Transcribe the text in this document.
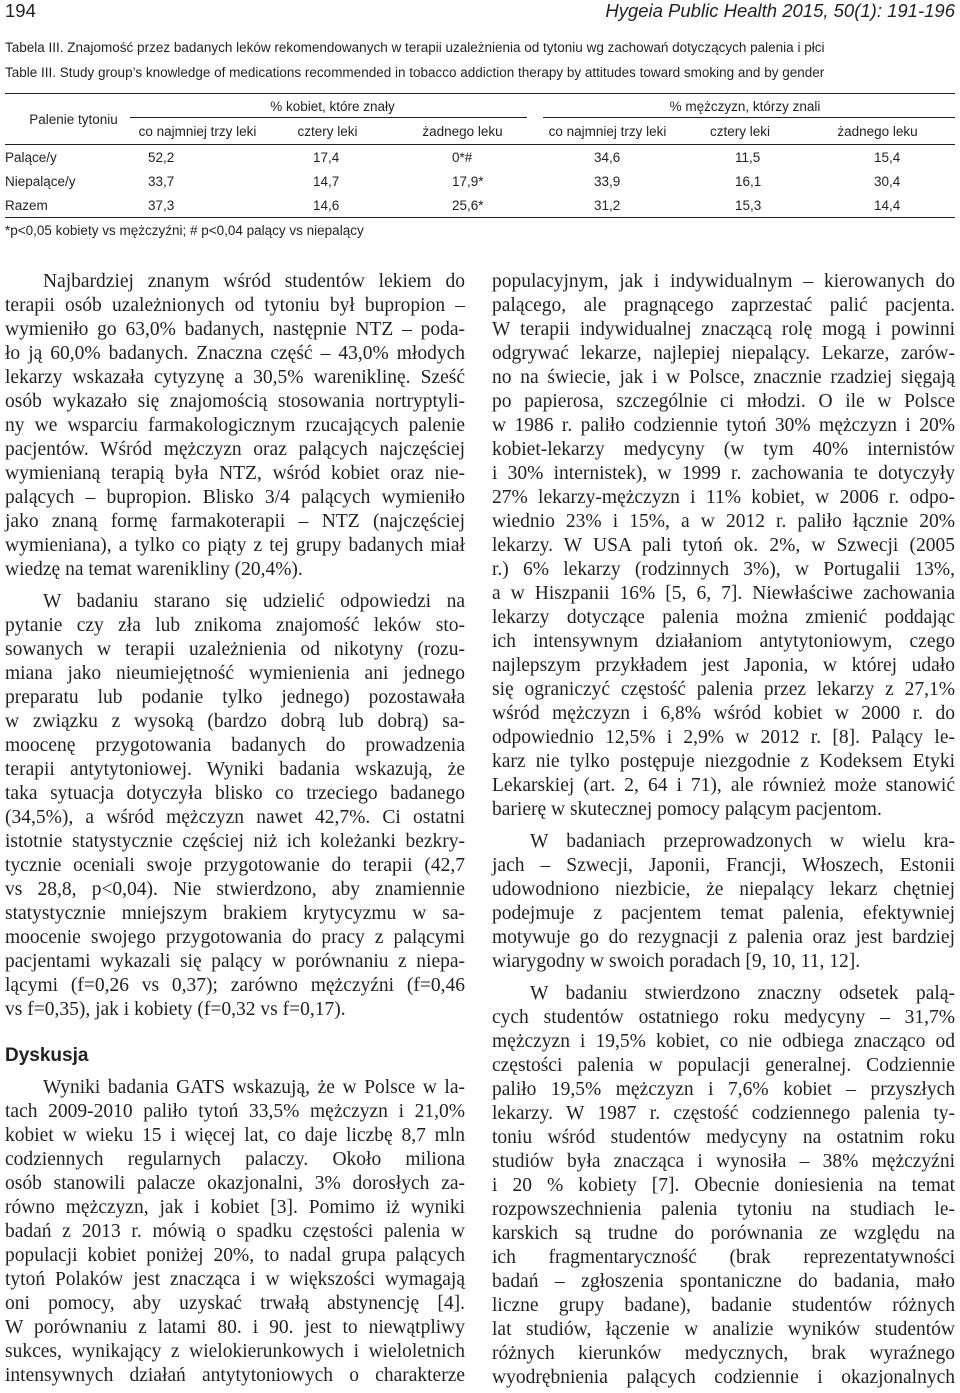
194	Hygeia Public Health 2015, 50(1): 191-196
Tabela III. Znajomość przez badanych leków rekomendowanych w terapii uzależnienia od tytoniu wg zachowań dotyczących palenia i płci
Table III. Study group’s knowledge of medications recommended in tobacco addiction therapy by attitudes toward smoking and by gender
Palenie tytoniu	% kobiet, które znały			% mężczyzn, którzy znali		
	co najmniej trzy leki	cztery leki	żadnego leku	co najmniej trzy leki	cztery leki	żadnego leku
Palące/y	52,2	17,4	0*#	34,6	11,5	15,4
Niepalące/y	33,7	14,7	17,9*	33,9	16,1	30,4
Razem	37,3	14,6	25,6*	31,2	15,3	14,4
*p<0,05 kobiety vs mężczyźni; # p<0,04 palący vs niepalący
Najbardziej znanym wśród studentów lekiem do
terapii osób uzależnionych od tytoniu był bupropion –
wymieniło go 63,0% badanych, następnie NTZ – poda-
ło ją 60,0% badanych. Znaczna część – 43,0% młodych
lekarzy wskazała cytyzynę a 30,5% wareniklinę. Sześć
osób wykazało się znajomością stosowania nortryptyli-
ny we wsparciu farmakologicznym rzucających palenie
pacjentów. Wśród mężczyzn oraz palących najczęściej
wymienianą terapią była NTZ, wśród kobiet oraz nie-
palących – bupropion. Blisko 3/4 palących wymieniło
jako znaną formę farmakoterapii – NTZ (najczęściej
wymieniana), a tylko co piąty z tej grupy badanych miał
wiedzę na temat warenikliny (20,4%).
W badaniu starano się udzielić odpowiedzi na
pytanie czy zła lub znikoma znajomość leków sto-
sowanych w terapii uzależnienia od nikotyny (rozu-
miana jako nieumiejętność wymienienia ani jednego
preparatu lub podanie tylko jednego) pozostawała
w związku z wysoką (bardzo dobrą lub dobrą) sa-
moocenę przygotowania badanych do prowadzenia
terapii antytytoniowej. Wyniki badania wskazują, że
taka sytuacja dotyczyła blisko co trzeciego badanego
(34,5%), a wśród mężczyzn nawet 42,7%. Ci ostatni
istotnie statystycznie częściej niż ich koleżanki bezkry-
tycznie oceniali swoje przygotowanie do terapii (42,7
vs 28,8, p<0,04). Nie stwierdzono, aby znamiennie
statystycznie mniejszym brakiem krytycyzmu w sa-
moocenie swojego przygotowania do pracy z palącymi
pacjentami wykazali się palący w porównaniu z niepa-
lącymi (f=0,26 vs 0,37); zarówno mężczyźni (f=0,46
vs f=0,35), jak i kobiety (f=0,32 vs f=0,17).
Dyskusja
Wyniki badania GATS wskazują, że w Polsce w la-
tach 2009-2010 paliło tytoń 33,5% mężczyzn i 21,0%
kobiet w wieku 15 i więcej lat, co daje liczbę 8,7 mln
codziennych regularnych palaczy. Około miliona
osób stanowili palacze okazjonalni, 3% dorosłych za-
równo mężczyzn, jak i kobiet [3]. Pomimo iż wyniki
badań z 2013 r. mówią o spadku częstości palenia w
populacji kobiet poniżej 20%, to nadal grupa palących
tytoń Polaków jest znacząca i w większości wymagają
oni pomocy, aby uzyskać trwałą abstynencję [4].
W porównaniu z latami 80. i 90. jest to niewątpliwy
sukces, wynikający z wielokierunkowych i wieloletnich
intensywnych działań antytytoniowych o charakterze
populacyjnym, jak i indywidualnym – kierowanych do
palącego, ale pragnącego zaprzestać palić pacjenta.
W terapii indywidualnej znaczącą rolę mogą i powinni
odgrywać lekarze, najlepiej niepalący. Lekarze, zarów-
no na świecie, jak i w Polsce, znacznie rzadziej sięgają
po papierosa, szczególnie ci młodzi. O ile w Polsce
w 1986 r. paliło codziennie tytoń 30% mężczyzn i 20%
kobiet-lekarzy medycyny (w tym 40% internistów
i 30% internistek), w 1999 r. zachowania te dotyczyły
27% lekarzy-mężczyzn i 11% kobiet, w 2006 r. odpo-
wiednio 23% i 15%, a w 2012 r. paliło łącznie 20%
lekarzy. W USA pali tytoń ok. 2%, w Szwecji (2005
r.) 6% lekarzy (rodzinnych 3%), w Portugalii 13%,
a w Hiszpanii 16% [5, 6, 7]. Niewłaściwe zachowania
lekarzy dotyczące palenia można zmienić poddając
ich intensywnym działaniom antytytoniowym, czego
najlepszym przykładem jest Japonia, w której udało
się ograniczyć częstość palenia przez lekarzy z 27,1%
wśród mężczyzn i 6,8% wśród kobiet w 2000 r. do
odpowiednio 12,5% i 2,9% w 2012 r. [8]. Palący le-
karz nie tylko postępuje niezgodnie z Kodeksem Etyki
Lekarskiej (art. 2, 64 i 71), ale również może stanowić
barierę w skutecznej pomocy palącym pacjentom.
W badaniach przeprowadzonych w wielu kra-
jach – Szwecji, Japonii, Francji, Włoszech, Estonii
udowodniono niezbicie, że niepalący lekarz chętniej
podejmuje z pacjentem temat palenia, efektywniej
motywuje go do rezygnacji z palenia oraz jest bardziej
wiarygodny w swoich poradach [9, 10, 11, 12].
W badaniu stwierdzono znaczny odsetek palą-
cych studentów ostatniego roku medycyny – 31,7%
mężczyzn i 19,5% kobiet, co nie odbiega znacząco od
częstości palenia w populacji generalnej. Codziennie
paliło 19,5% mężczyzn i 7,6% kobiet – przyszłych
lekarzy. W 1987 r. częstość codziennego palenia ty-
toniu wśród studentów medycyny na ostatnim roku
studiów była znacząca i wynosiła – 38% mężczyźni
i 20 % kobiety [7]. Obecnie doniesienia na temat
rozpowszechnienia palenia tytoniu na studiach le-
karskich są trudne do porównania ze względu na
ich fragmentaryczność (brak reprezentatywności
badań – zgłoszenia spontaniczne do badania, mało
liczne grupy badane), badanie studentów różnych
lat studiów, łączenie w analizie wyników studentów
różnych kierunków medycznych, brak wyraźnego
wyodrębnienia palących codziennie i okazjonalnych
